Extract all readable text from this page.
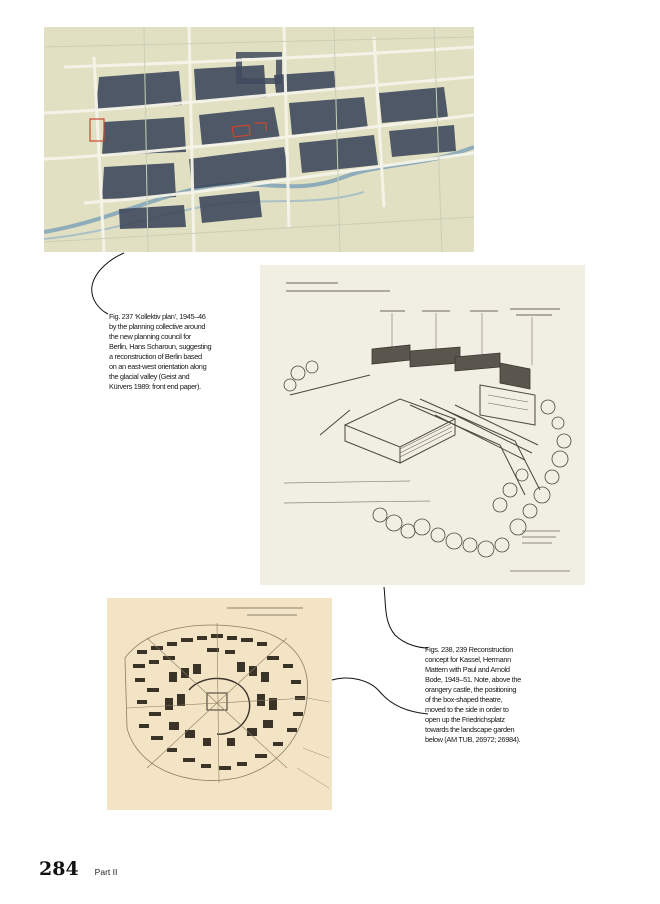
Fig. 237 ‘Kollektiv plan’, 1945–46
by the planning collective around
the new planning council for
Berlin, Hans Scharoun, suggesting
a reconstruction of Berlin based
on an east-west orientation along
the glacial valley (Geist and
Kürvers 1989: front end paper).

Figs. 238, 239 Reconstruction
concept for Kassel, Hermann
Mattern with Paul and Arnold
Bode, 1949–51. Note, above the
orangery castle, the positioning
of the box-shaped theatre,
moved to the side in order to
open up the Friedrichsplatz
towards the landscape garden
below (AM TUB, 26972; 26984).

284 Part II
